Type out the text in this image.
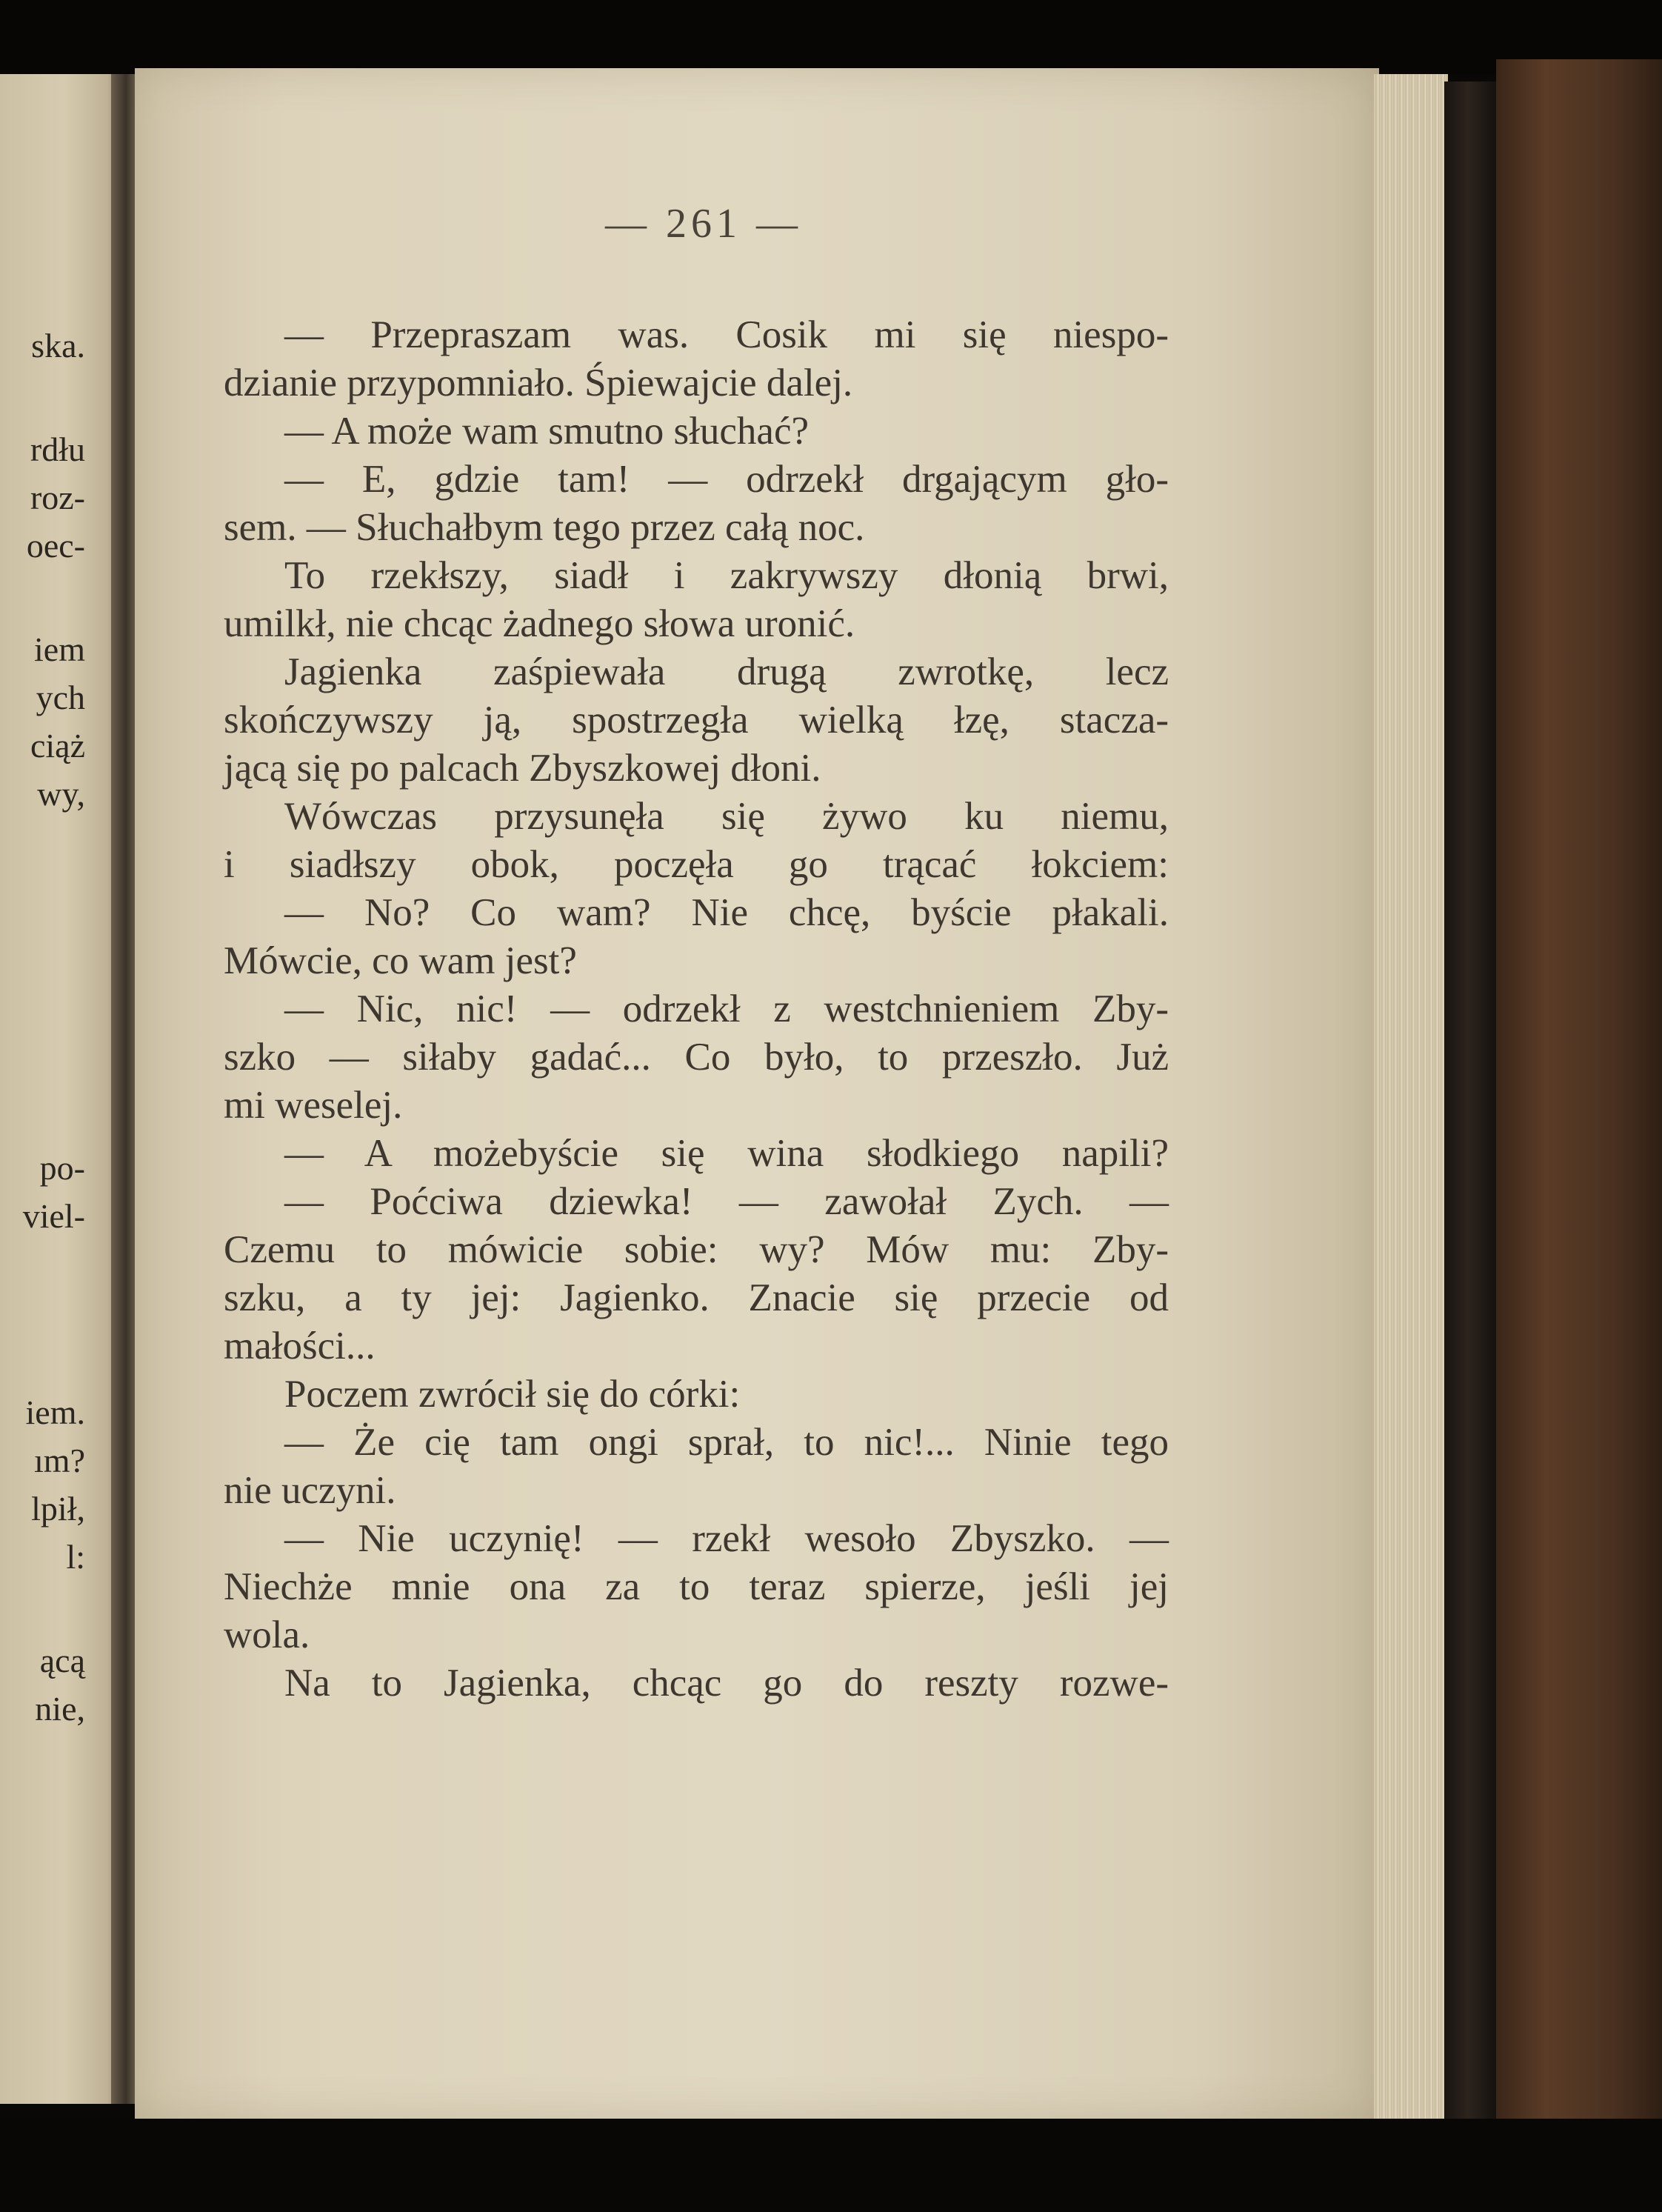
ska.
rdłu
roz-
oec-
iem
ych
ciąż
wy,
po-
viel-
iem.
ım?
lpił,
l:
ącą
nie,
— 261 —
— Przepraszam was. Cosik mi się niespo-
dzianie przypomniało. Śpiewajcie dalej.
— A może wam smutno słuchać?
— E, gdzie tam! — odrzekł drgającym gło-
sem. — Słuchałbym tego przez całą noc.
To rzekłszy, siadł i zakrywszy dłonią brwi,
umilkł, nie chcąc żadnego słowa uronić.
Jagienka zaśpiewała drugą zwrotkę, lecz
skończywszy ją, spostrzegła wielką łzę, stacza-
jącą się po palcach Zbyszkowej dłoni.
Wówczas przysunęła się żywo ku niemu,
i siadłszy obok, poczęła go trącać łokciem:
— No? Co wam? Nie chcę, byście płakali.
Mówcie, co wam jest?
— Nic, nic! — odrzekł z westchnieniem Zby-
szko — siłaby gadać... Co było, to przeszło. Już
mi weselej.
— A możebyście się wina słodkiego napili?
— Poćciwa dziewka! — zawołał Zych. —
Czemu to mówicie sobie: wy? Mów mu: Zby-
szku, a ty jej: Jagienko. Znacie się przecie od
małości...
Poczem zwrócił się do córki:
— Że cię tam ongi sprał, to nic!... Ninie tego
nie uczyni.
— Nie uczynię! — rzekł wesoło Zbyszko. —
Niechże mnie ona za to teraz spierze, jeśli jej
wola.
Na to Jagienka, chcąc go do reszty rozwe-
